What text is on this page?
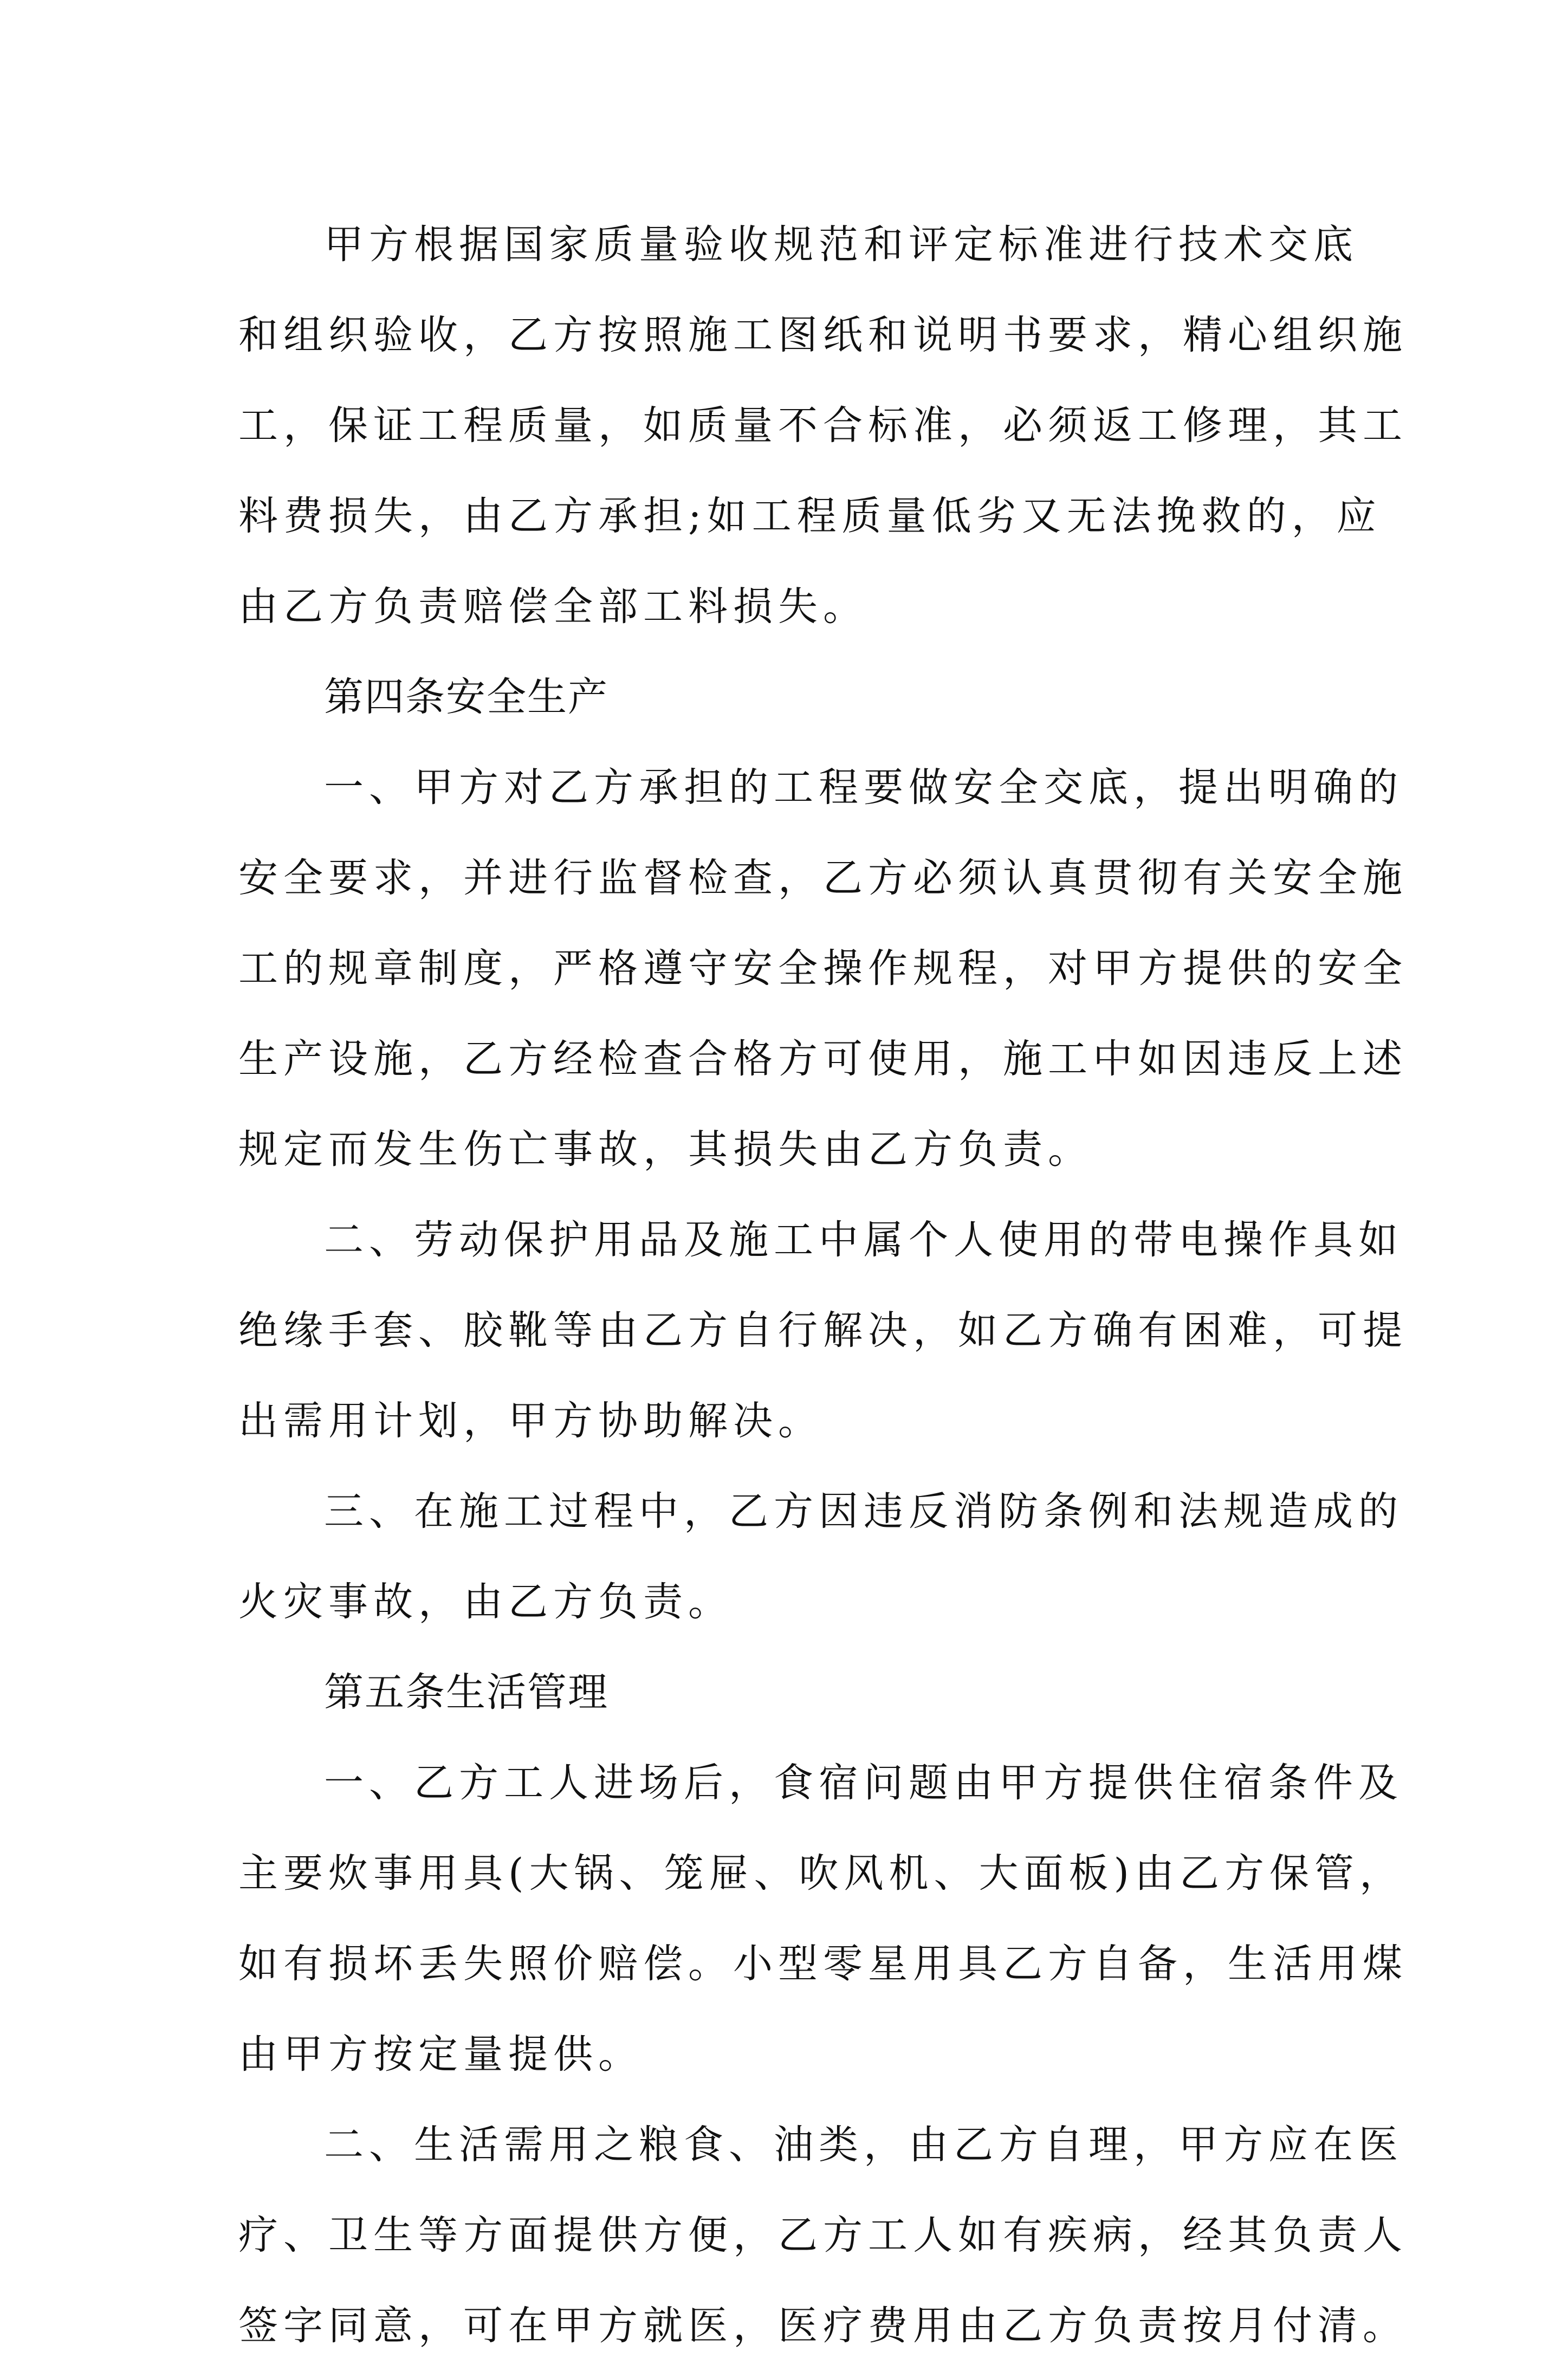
甲方根据国家质量验收规范和评定标准进行技术交底
和组织验收，乙方按照施工图纸和说明书要求，精心组织施
工，保证工程质量，如质量不合标准，必须返工修理，其工
料费损失，由乙方承担;如工程质量低劣又无法挽救的，应
由乙方负责赔偿全部工料损失。
第四条安全生产
一、甲方对乙方承担的工程要做安全交底，提出明确的
安全要求，并进行监督检查，乙方必须认真贯彻有关安全施
工的规章制度，严格遵守安全操作规程，对甲方提供的安全
生产设施，乙方经检查合格方可使用，施工中如因违反上述
规定而发生伤亡事故，其损失由乙方负责。
二、劳动保护用品及施工中属个人使用的带电操作具如
绝缘手套、胶靴等由乙方自行解决，如乙方确有困难，可提
出需用计划，甲方协助解决。
三、在施工过程中，乙方因违反消防条例和法规造成的
火灾事故，由乙方负责。
第五条生活管理
一、乙方工人进场后，食宿问题由甲方提供住宿条件及
主要炊事用具(大锅、笼屉、吹风机、大面板)由乙方保管，
如有损坏丢失照价赔偿。小型零星用具乙方自备，生活用煤
由甲方按定量提供。
二、生活需用之粮食、油类，由乙方自理，甲方应在医
疗、卫生等方面提供方便，乙方工人如有疾病，经其负责人
签字同意，可在甲方就医，医疗费用由乙方负责按月付清。
